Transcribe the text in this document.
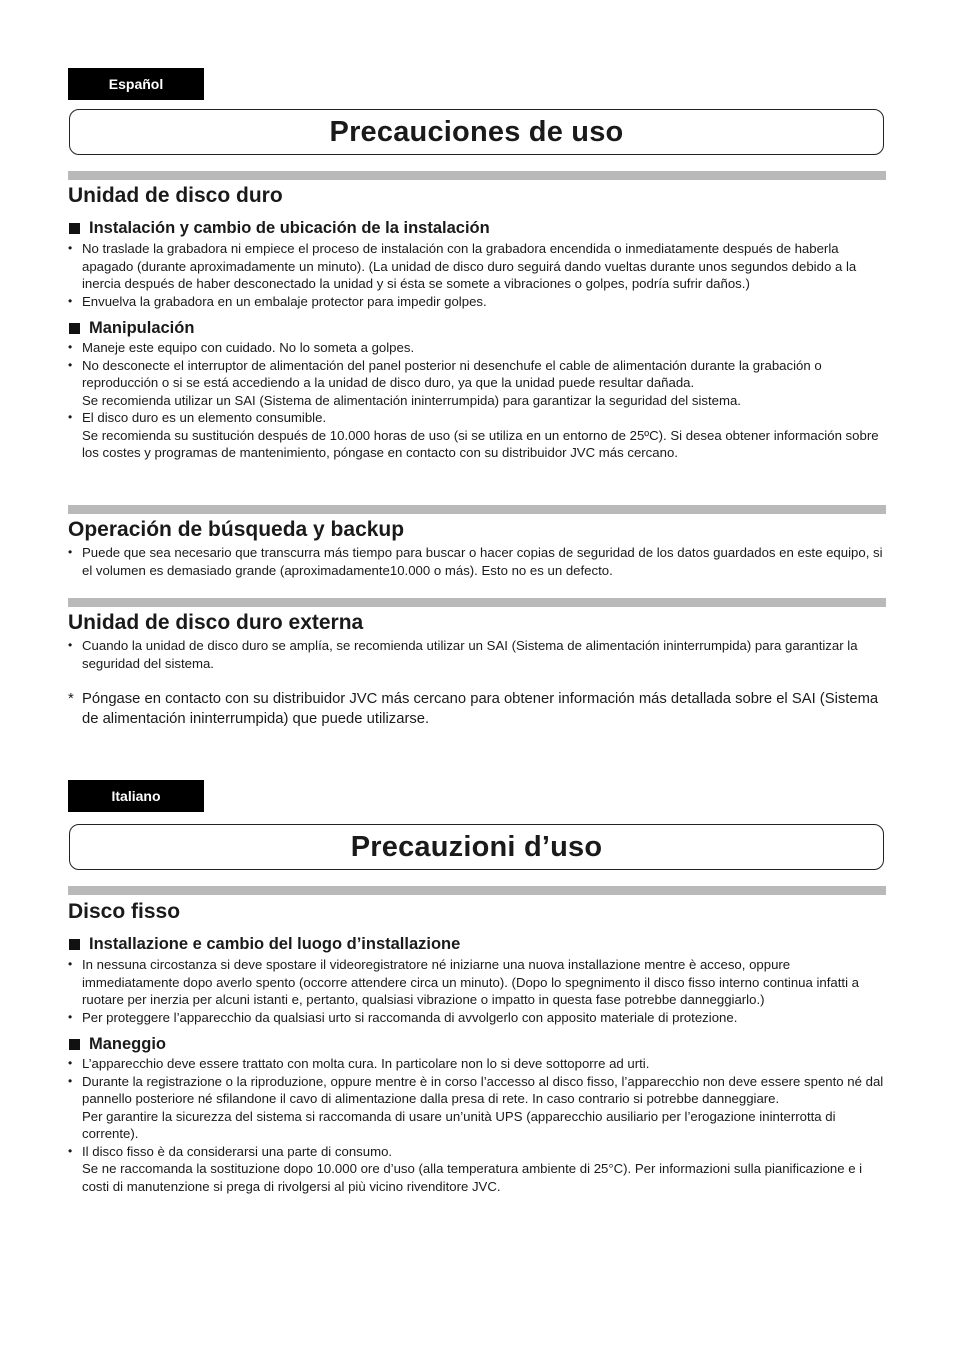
Español
Precauciones de uso
Unidad de disco duro
Instalación y cambio de ubicación de la instalación
• No traslade la grabadora ni empiece el proceso de instalación con la grabadora encendida o inmediatamente después de haberla apagado (durante aproximadamente un minuto). (La unidad de disco duro seguirá dando vueltas durante unos segundos debido a la inercia después de haber desconectado la unidad y si ésta se somete a vibraciones o golpes, podría sufrir daños.)
• Envuelva la grabadora en un embalaje protector para impedir golpes.
Manipulación
• Maneje este equipo con cuidado. No lo someta a golpes.
• No desconecte el interruptor de alimentación del panel posterior ni desenchufe el cable de alimentación durante la grabación o reproducción o si se está accediendo a la unidad de disco duro, ya que la unidad puede resultar dañada.
Se recomienda utilizar un SAI (Sistema de alimentación ininterrumpida) para garantizar la seguridad del sistema.
• El disco duro es un elemento consumible.
Se recomienda su sustitución después de 10.000 horas de uso (si se utiliza en un entorno de 25ºC). Si desea obtener información sobre los costes y programas de mantenimiento, póngase en contacto con su distribuidor JVC más cercano.
Operación de búsqueda y backup
• Puede que sea necesario que transcurra más tiempo para buscar o hacer copias de seguridad de los datos guardados en este equipo, si el volumen es demasiado grande (aproximadamente10.000 o más). Esto no es un defecto.
Unidad de disco duro externa
• Cuando la unidad de disco duro se amplía, se recomienda utilizar un SAI (Sistema de alimentación ininterrumpida) para garantizar la seguridad del sistema.
* Póngase en contacto con su distribuidor JVC más cercano para obtener información más detallada sobre el SAI (Sistema de alimentación ininterrumpida) que puede utilizarse.
Italiano
Precauzioni d’uso
Disco fisso
Installazione e cambio del luogo d’installazione
• In nessuna circostanza si deve spostare il videoregistratore né iniziarne una nuova installazione mentre è acceso, oppure immediatamente dopo averlo spento (occorre attendere circa un minuto). (Dopo lo spegnimento il disco fisso interno continua infatti a ruotare per inerzia per alcuni istanti e, pertanto, qualsiasi vibrazione o impatto in questa fase potrebbe danneggiarlo.)
• Per proteggere l’apparecchio da qualsiasi urto si raccomanda di avvolgerlo con apposito materiale di protezione.
Maneggio
• L’apparecchio deve essere trattato con molta cura. In particolare non lo si deve sottoporre ad urti.
• Durante la registrazione o la riproduzione, oppure mentre è in corso l’accesso al disco fisso, l’apparecchio non deve essere spento né dal pannello posteriore né sfilandone il cavo di alimentazione dalla presa di rete. In caso contrario si potrebbe danneggiare.
Per garantire la sicurezza del sistema si raccomanda di usare un’unità UPS (apparecchio ausiliario per l’erogazione ininterrotta di corrente).
• Il disco fisso è da considerarsi una parte di consumo.
Se ne raccomanda la sostituzione dopo 10.000 ore d’uso (alla temperatura ambiente di 25°C). Per informazioni sulla pianificazione e i costi di manutenzione si prega di rivolgersi al più vicino rivenditore JVC.
